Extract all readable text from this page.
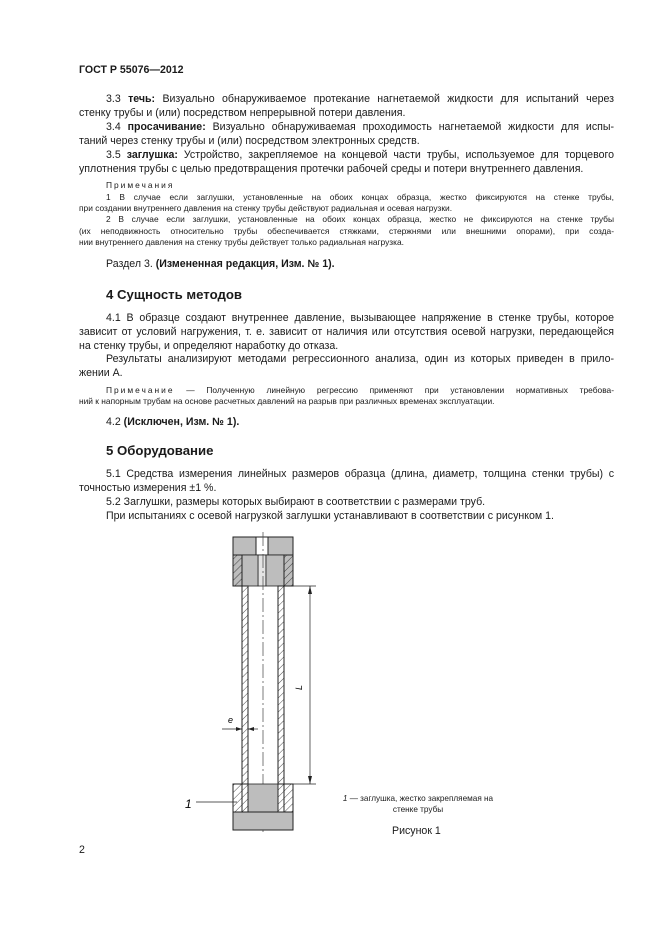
ГОСТ Р 55076—2012
3.3 течь: Визуально обнаруживаемое протекание нагнетаемой жидкости для испытаний через
стенку трубы и (или) посредством непрерывной потери давления.
3.4 просачивание: Визуально обнаруживаемая проходимость нагнетаемой жидкости для испы-
таний через стенку трубы и (или) посредством электронных средств.
3.5 заглушка: Устройство, закрепляемое на концевой части трубы, используемое для торцевого
уплотнения трубы с целью предотвращения протечки рабочей среды и потери внутреннего давления.
Примечания
1 В случае если заглушки, установленные на обоих концах образца, жестко фиксируются на стенке трубы,
при создании внутреннего давления на стенку трубы действуют радиальная и осевая нагрузки.
2 В случае если заглушки, установленные на обоих концах образца, жестко не фиксируются на стенке трубы
(их неподвижность относительно трубы обеспечивается стяжками, стержнями или внешними опорами), при созда-
нии внутреннего давления на стенку трубы действует только радиальная нагрузка.
Раздел 3. (Измененная редакция, Изм. № 1).
4 Сущность методов
4.1 В образце создают внутреннее давление, вызывающее напряжение в стенке трубы, которое
зависит от условий нагружения, т. е. зависит от наличия или отсутствия осевой нагрузки, передающейся
на стенку трубы, и определяют наработку до отказа.
Результаты анализируют методами регрессионного анализа, один из которых приведен в прило-
жении А.
Примечание — Полученную линейную регрессию применяют при установлении нормативных требова-
ний к напорным трубам на основе расчетных давлений на разрыв при различных временах эксплуатации.
4.2 (Исключен, Изм. № 1).
5 Оборудование
5.1 Средства измерения линейных размеров образца (длина, диаметр, толщина стенки трубы) с
точностью измерения ±1 %.
5.2 Заглушки, размеры которых выбирают в соответствии с размерами труб.
При испытаниях с осевой нагрузкой заглушки устанавливают в соответствии с рисунком 1.
L
e
1	1 — заглушка, жестко закрепляемая на
стенке трубы
Рисунок 1
2
